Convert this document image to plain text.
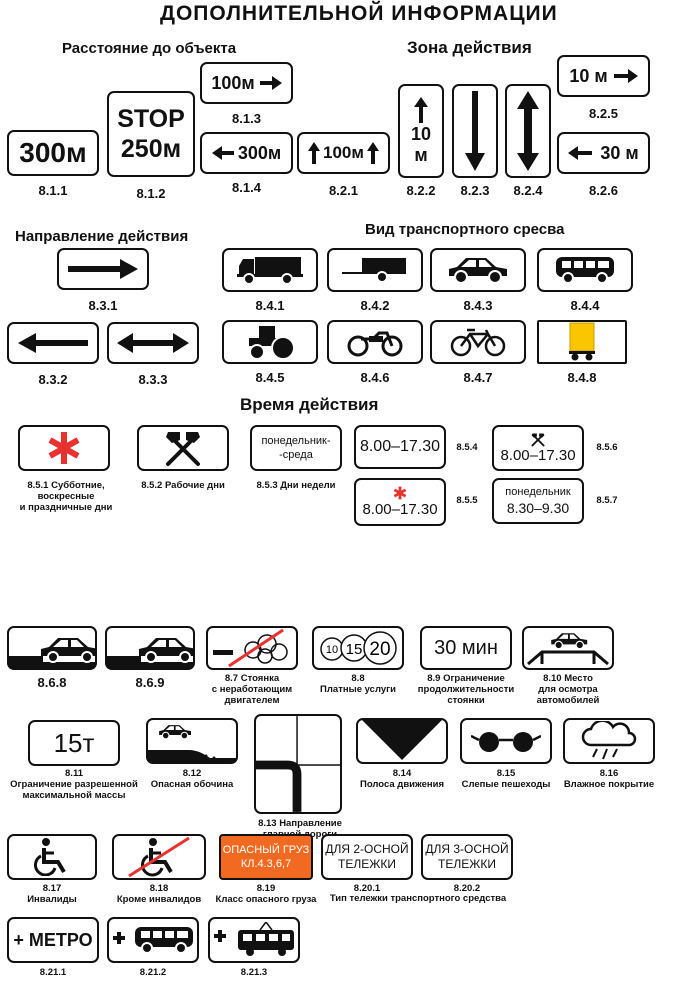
ДОПОЛНИТЕЛЬНОЙ ИНФОРМАЦИИ
Расстояние до объекта	Зона действия
Направление действия	Вид транспортного сресва
Время действия
300м
8.1.1
STOP
250м
8.1.2
100м
8.1.3
300м
8.1.4
100м
8.2.1
10
м
8.2.2	8.2.3	8.2.4
10 м
8.2.5
30 м
8.2.6
8.3.1
8.3.2	8.3.3
8.4.1	8.4.2	8.4.3	8.4.4
8.4.5	8.4.6	8.4.7	8.4.8
8.5.1 Субботние,
воскресные
и праздничные дни
8.5.2 Рабочие дни
понедельник-
-среда
8.5.3 Дни недели
8.00 – 17.30	8.5.4
8.00–17.30
8.5.5
8.00–17.30	8.5.6
понедельник
8.30–9.30	8.5.7
8.6.8	8.6.9	8.7 Стоянка
с неработающим
двигателем
10 15 20
8.8
Платные услуги
30 мин
8.9 Ограничение
продолжительности
стоянки
8.10 Место
для осмотра
автомобилей
15т
8.11
Ограничение разрешенной
максимальной массы
8.12
Опасная обочина
8.13 Направление
дороги
8.14
Полоса движения
8.15
Слепые пешеходы
8.16
Влажное покрытие
8.17
Инвалиды
8.18
Кроме инвалидов
ОПАСНЫЙ ГРУЗ
КЛ.4.3,6,7
8.19
Класс опасного груза
ДЛЯ 2-ОСНОЙ
ТЕЛЕЖКИ
8.20.1
ДЛЯ 3-ОСНОЙ
ТЕЛЕЖКИ
8.20.2
Тип тележки транспортного средства
+ МЕТРО
8.21.1	8.21.2	8.21.3
